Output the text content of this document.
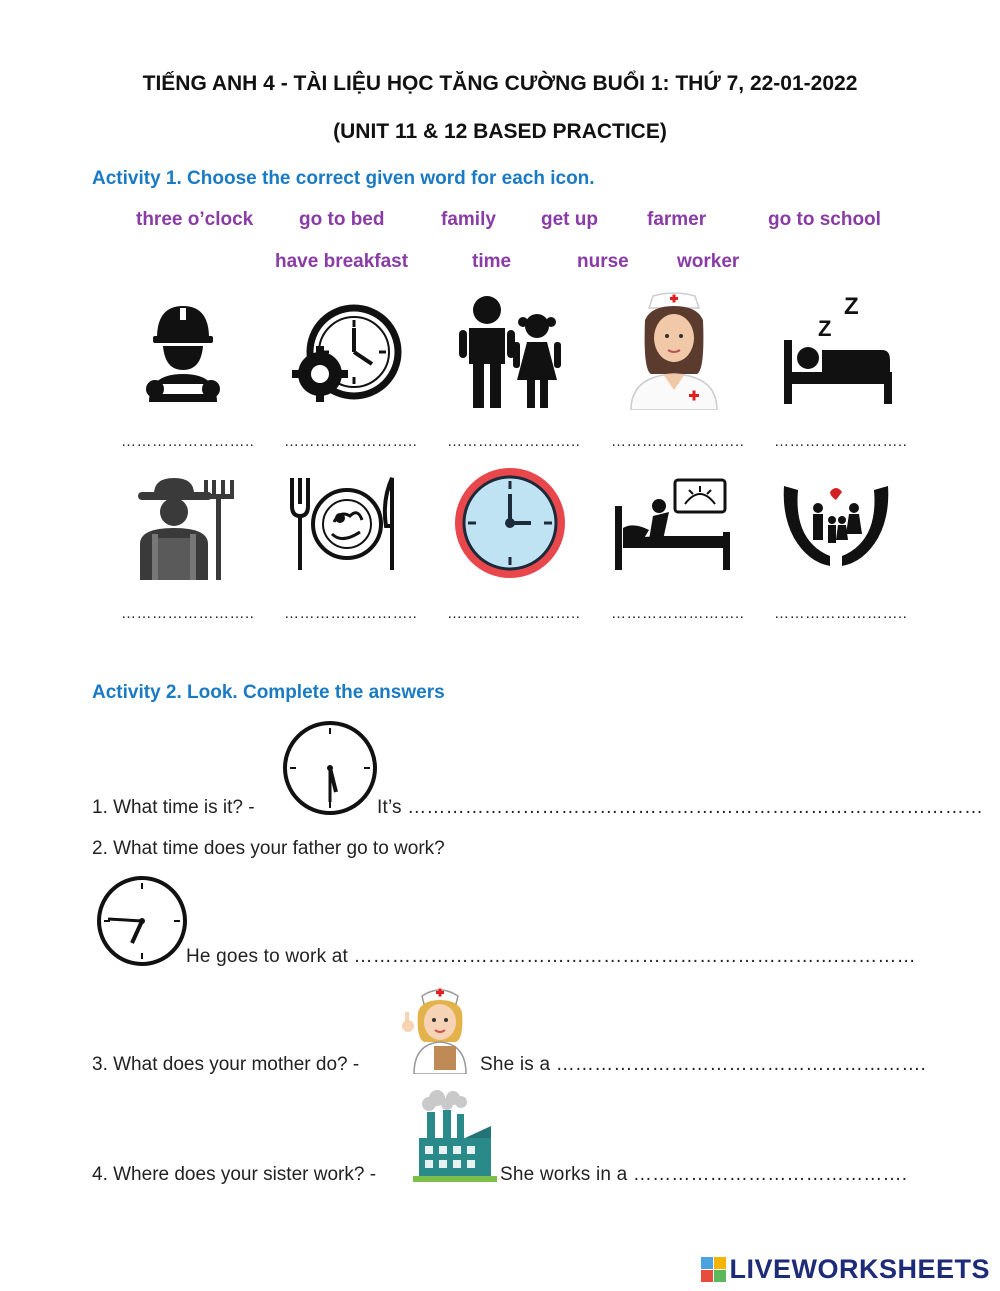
TIẾNG ANH 4 - TÀI LIỆU HỌC TĂNG CƯỜNG BUỔI 1: THỨ 7, 22-01-2022
(UNIT 11 & 12 BASED PRACTICE)
Activity 1. Choose the correct given word for each icon.
three o’clock go to bed	family get up	farmer	go to school
have breakfast	time	nurse	worker
Z
Z
…………………….. …………………….. …………………….. …………………….. ……………………..
…………………….. …………………….. …………………….. …………………….. ……………………..
Activity 2. Look. Complete the answers
1. What time is it? -	It’s ………………………………………………………………………………
2. What time does your father go to work?
He goes to work at ………………………………………………………………….…………
3. What does your mother do? -	She is a ………………………………………………….
4. Where does your sister work? -	She works in a …………………………………….
LIVEWORKSHEETS
